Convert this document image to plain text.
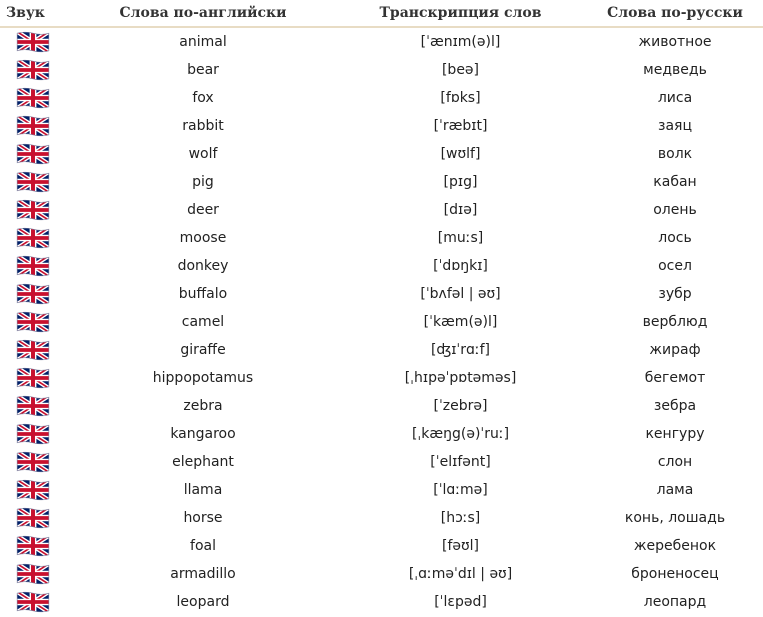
Звук	Слова по-английски	Транскрипция слов	Слова по-русски

	animal	[ˈænɪm(ə)l]	животное

	bear	[beə]	медведь

	fox	[fɒks]	лиса

	rabbit	[ˈræbɪt]	заяц

	wolf	[wʊlf]	волк

	pig	[pɪg]	кабан

	deer	[dɪə]	олень

	moose	[muːs]	лось

	donkey	[ˈdɒŋkɪ]	осел

	buffalo	[ˈbʌfəl | əʊ]	зубр

	camel	[ˈkæm(ə)l]	верблюд

	giraffe	[ʤɪˈrɑːf]	жираф

	hippopotamus	[ˌhɪpəˈpɒtəməs]	бегемот

	zebra	[ˈzebrə]	зебра

	kangaroo	[ˌkæŋg(ə)ˈruː]	кенгуру

	elephant	[ˈelɪfənt]	слон

	llama	[ˈlɑːmə]	лама

	horse	[hɔːs]	конь, лошадь

	foal	[fəʊl]	жеребенок

	armadillo	[ˌɑːməˈdɪl | əʊ]	броненосец

	leopard	[ˈlɛpəd]	леопард
